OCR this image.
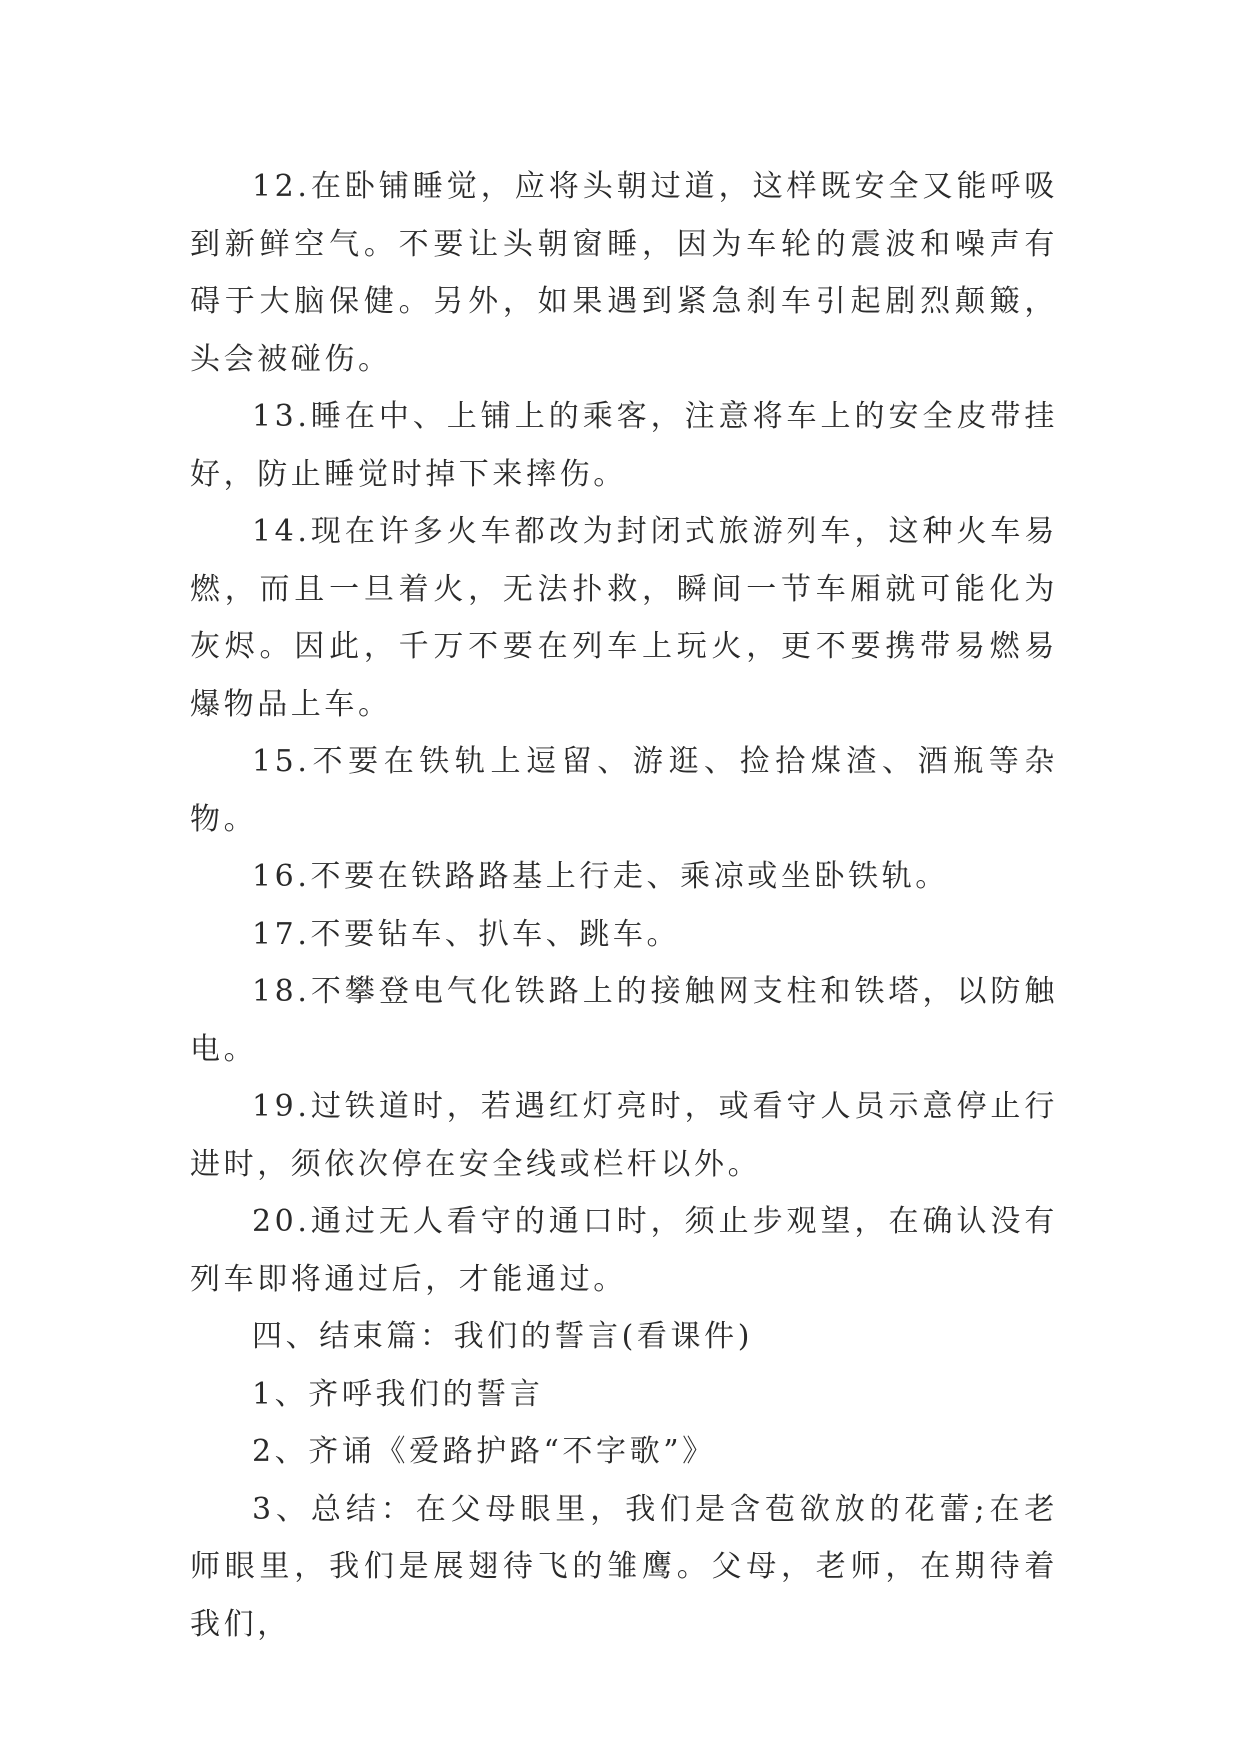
12.在卧铺睡觉，应将头朝过道，这样既安全又能呼吸到新鲜空气。不要让头朝窗睡，因为车轮的震波和噪声有碍于大脑保健。另外，如果遇到紧急刹车引起剧烈颠簸，头会被碰伤。

13.睡在中、上铺上的乘客，注意将车上的安全皮带挂好，防止睡觉时掉下来摔伤。

14.现在许多火车都改为封闭式旅游列车，这种火车易燃，而且一旦着火，无法扑救，瞬间一节车厢就可能化为灰烬。因此，千万不要在列车上玩火，更不要携带易燃易爆物品上车。

15.不要在铁轨上逗留、游逛、捡拾煤渣、酒瓶等杂物。

16.不要在铁路路基上行走、乘凉或坐卧铁轨。

17.不要钻车、扒车、跳车。

18.不攀登电气化铁路上的接触网支柱和铁塔，以防触电。

19.过铁道时，若遇红灯亮时，或看守人员示意停止行进时，须依次停在安全线或栏杆以外。

20.通过无人看守的通口时，须止步观望，在确认没有列车即将通过后，才能通过。

四、结束篇：我们的誓言(看课件)

1、齐呼我们的誓言

2、齐诵《爱路护路“不字歌”》

3、总结：在父母眼里，我们是含苞欲放的花蕾;在老师眼里，我们是展翅待飞的雏鹰。父母，老师，在期待着我们，
